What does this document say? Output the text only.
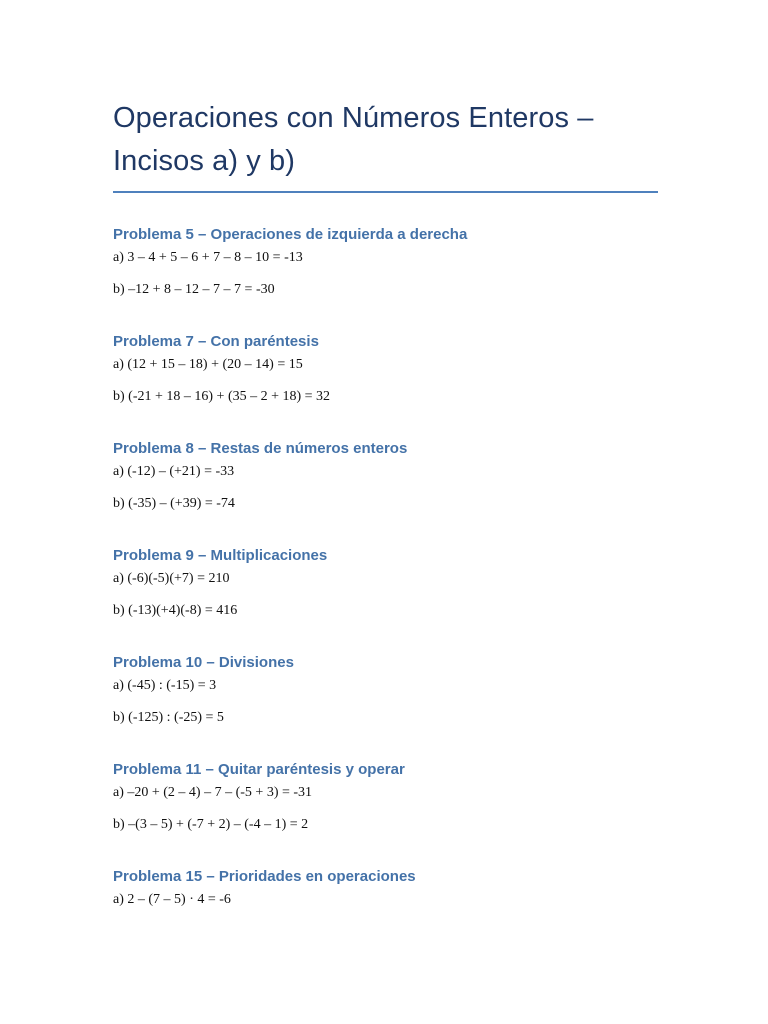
Operaciones con Números Enteros –
Incisos a) y b)
Problema 5 – Operaciones de izquierda a derecha

a) 3 – 4 + 5 – 6 + 7 – 8 – 10 = -13

b) –12 + 8 – 12 – 7 – 7 = -30

Problema 7 – Con paréntesis

a) (12 + 15 – 18) + (20 – 14) = 15

b) (-21 + 18 – 16) + (35 – 2 + 18) = 32

Problema 8 – Restas de números enteros

a) (-12) – (+21) = -33

b) (-35) – (+39) = -74

Problema 9 – Multiplicaciones

a) (-6)(-5)(+7) = 210

b) (-13)(+4)(-8) = 416

Problema 10 – Divisiones

a) (-45) : (-15) = 3

b) (-125) : (-25) = 5

Problema 11 – Quitar paréntesis y operar

a) –20 + (2 – 4) – 7 – (-5 + 3) = -31

b) –(3 – 5) + (-7 + 2) – (-4 – 1) = 2

Problema 15 – Prioridades en operaciones

a) 2 – (7 – 5) · 4 = -6
